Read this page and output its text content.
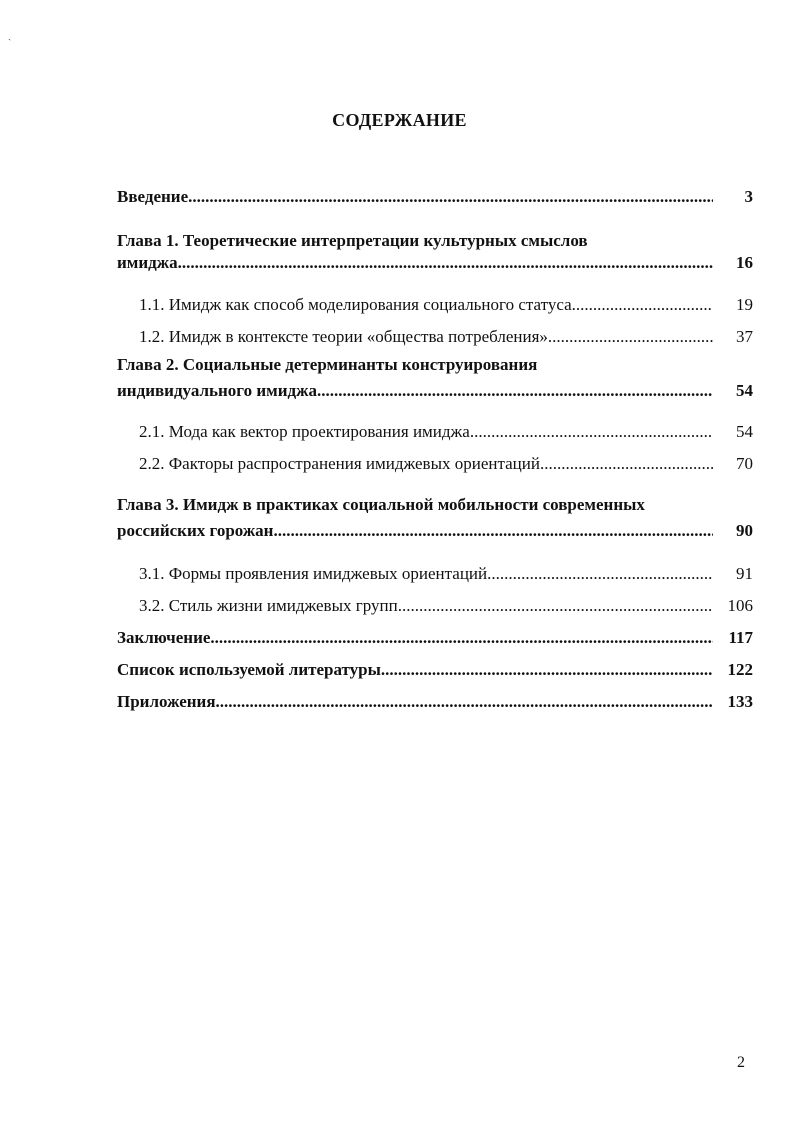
ˏ
СОДЕРЖАНИЕ
Введение .....	3
Глава 1. Теоретические интерпретации культурных смыслов
имиджа .....	16
1.1. Имидж как способ моделирования социального статуса .....	19
1.2. Имидж в контексте теории «общества потребления» .....	37
Глава 2. Социальные детерминанты конструирования
индивидуального имиджа .....	54
2.1. Мода как вектор проектирования имиджа .....	54
2.2. Факторы распространения имиджевых ориентаций .....	70
Глава 3. Имидж в практиках социальной мобильности современных
российских горожан .....	90
3.1. Формы проявления имиджевых ориентаций .....	91
3.2. Стиль жизни имиджевых групп .....	106
Заключение .....	117
Список используемой литературы .....	122
Приложения .....	133
2
